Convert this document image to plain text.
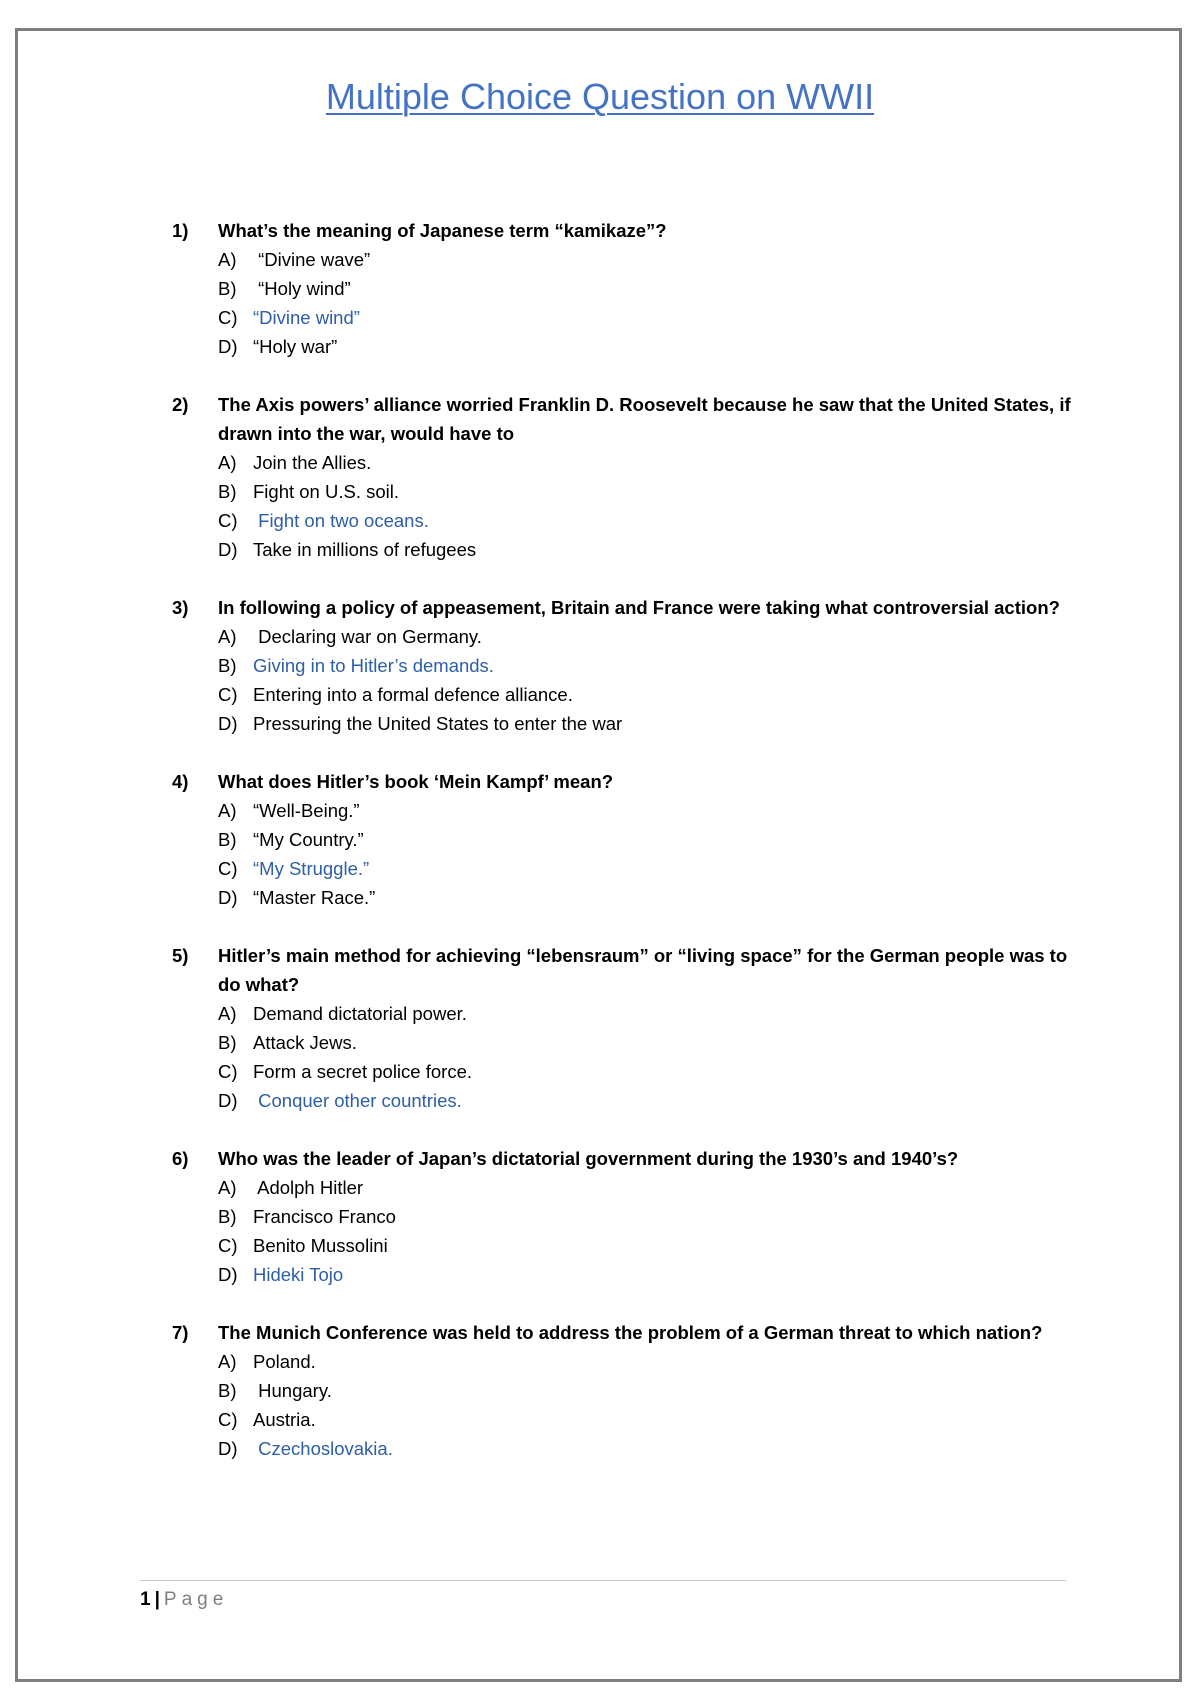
Multiple Choice Question on WWII
1)	What’s the meaning of Japanese term “kamikaze”?
A) “Divine wave”
B) “Holy wind”
C) “Divine wind”
D) “Holy war”
2)	The Axis powers’ alliance worried Franklin D. Roosevelt because he saw that the United States, if drawn into the war, would have to
A) Join the Allies.
B) Fight on U.S. soil.
C) Fight on two oceans.
D) Take in millions of refugees
3)	In following a policy of appeasement, Britain and France were taking what controversial action?
A) Declaring war on Germany.
B) Giving in to Hitler’s demands.
C) Entering into a formal defence alliance.
D) Pressuring the United States to enter the war
4)	What does Hitler’s book ‘Mein Kampf’ mean?
A) “Well-Being.”
B) “My Country.”
C) “My Struggle.”
D) “Master Race.”
5)	Hitler’s main method for achieving “lebensraum” or “living space” for the German people was to do what?
A) Demand dictatorial power.
B) Attack Jews.
C) Form a secret police force.
D) Conquer other countries.
6)	Who was the leader of Japan’s dictatorial government during the 1930’s and 1940’s?
A) Adolph Hitler
B) Francisco Franco
C) Benito Mussolini
D) Hideki Tojo
7)	The Munich Conference was held to address the problem of a German threat to which nation?
A) Poland.
B) Hungary.
C) Austria.
D) Czechoslovakia.
1 | Page
